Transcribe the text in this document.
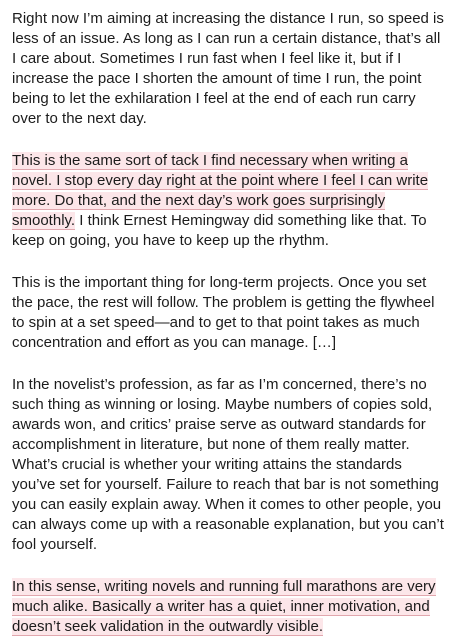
Right now I’m aiming at increasing the distance I run, so speed is less of an issue. As long as I can run a certain distance, that’s all I care about. Sometimes I run fast when I feel like it, but if I increase the pace I shorten the amount of time I run, the point being to let the exhilaration I feel at the end of each run carry over to the next day.

This is the same sort of tack I find necessary when writing a novel. I stop every day right at the point where I feel I can write more. Do that, and the next day’s work goes surprisingly smoothly. I think Ernest Hemingway did something like that. To keep on going, you have to keep up the rhythm.

This is the important thing for long-term projects. Once you set the pace, the rest will follow. The problem is getting the flywheel to spin at a set speed—and to get to that point takes as much concentration and effort as you can manage. […]

In the novelist’s profession, as far as I’m concerned, there’s no such thing as winning or losing. Maybe numbers of copies sold, awards won, and critics’ praise serve as outward standards for accomplishment in literature, but none of them really matter. What’s crucial is whether your writing attains the standards you’ve set for yourself. Failure to reach that bar is not something you can easily explain away. When it comes to other people, you can always come up with a reasonable explanation, but you can’t fool yourself.

In this sense, writing novels and running full marathons are very much alike. Basically a writer has a quiet, inner motivation, and doesn’t seek validation in the outwardly visible.
